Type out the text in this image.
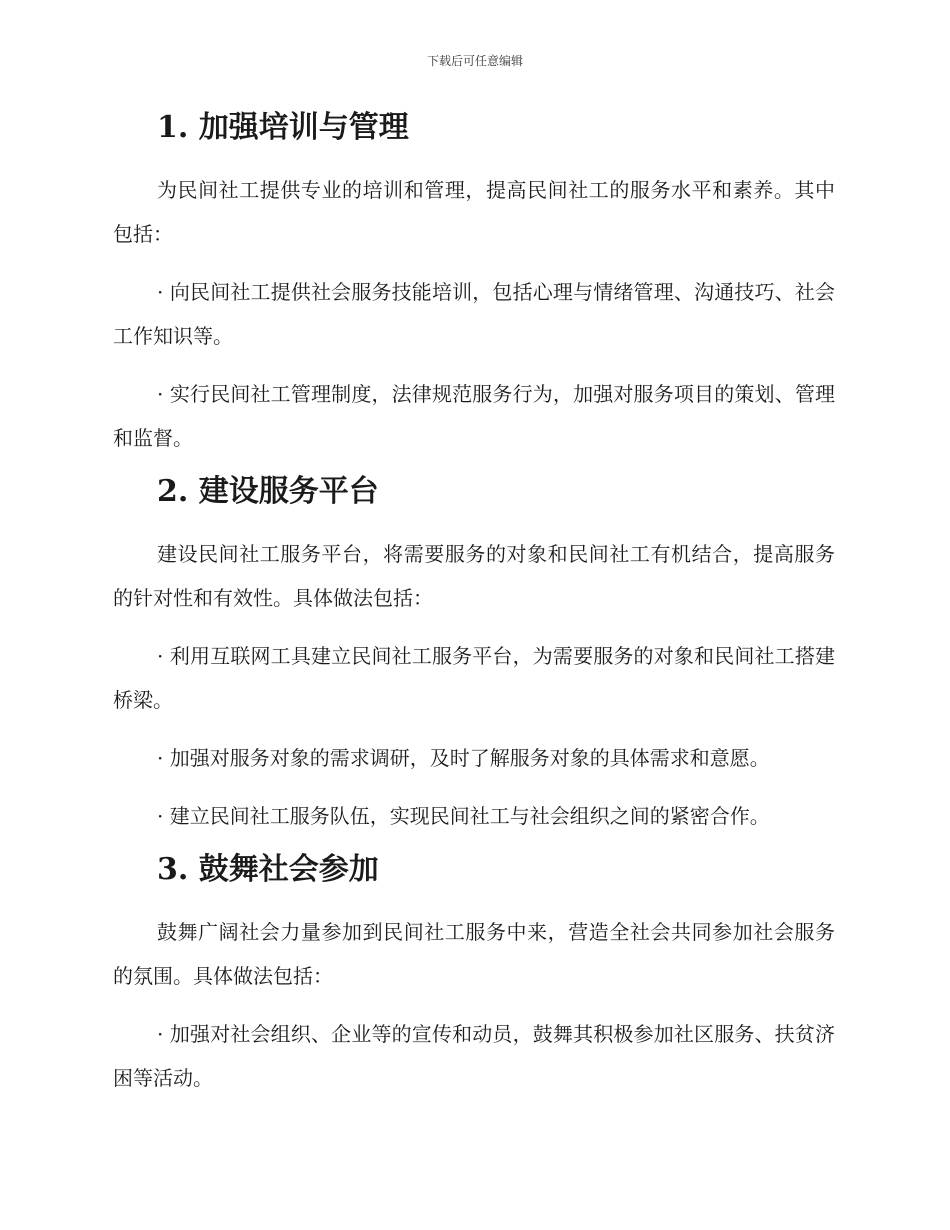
下载后可任意编辑
1. 加强培训与管理

为民间社工提供专业的培训和管理，提高民间社工的服务水平和素养。其中包括：

· 向民间社工提供社会服务技能培训，包括心理与情绪管理、沟通技巧、社会工作知识等。

· 实行民间社工管理制度，法律规范服务行为，加强对服务项目的策划、管理和监督。

2. 建设服务平台

建设民间社工服务平台，将需要服务的对象和民间社工有机结合，提高服务的针对性和有效性。具体做法包括：

· 利用互联网工具建立民间社工服务平台，为需要服务的对象和民间社工搭建桥梁。

· 加强对服务对象的需求调研，及时了解服务对象的具体需求和意愿。

· 建立民间社工服务队伍，实现民间社工与社会组织之间的紧密合作。

3. 鼓舞社会参加

鼓舞广阔社会力量参加到民间社工服务中来，营造全社会共同参加社会服务的氛围。具体做法包括：

· 加强对社会组织、企业等的宣传和动员，鼓舞其积极参加社区服务、扶贫济困等活动。
